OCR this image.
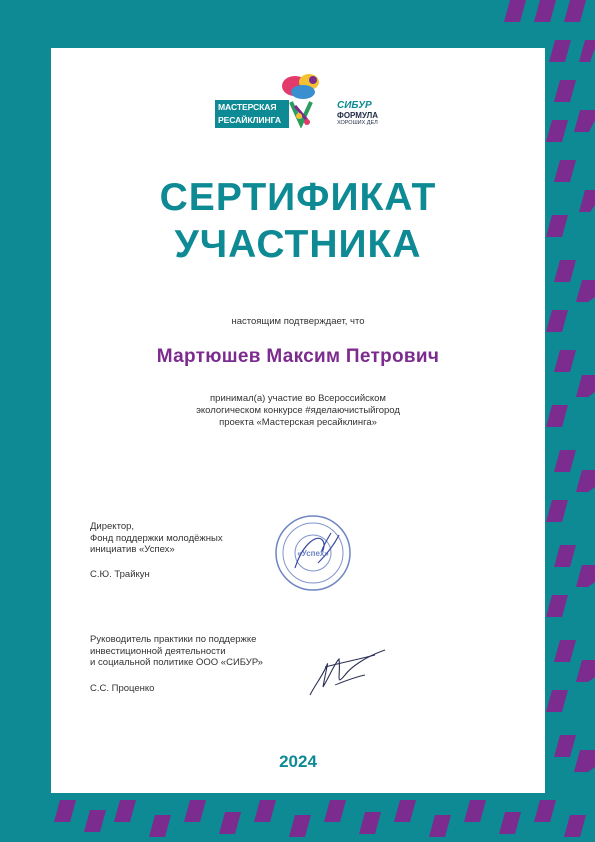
МАСТЕРСКАЯ
РЕСАЙКЛИНГА
СИБУР
ФОРМУЛА
ХОРОШИХ ДЕЛ
СЕРТИФИКАТ
УЧАСТНИКА
настоящим подтверждает, что
Мартюшев Максим Петрович
принимал(а) участие во Всероссийском
экологическом конкурсе #яделаючистыйгород
проекта «Мастерская ресайклинга»
Директор,
Фонд поддержки молодёжных
инициатив «Успех»
С.Ю. Трайкун
«Успех»
Руководитель практики по поддержке
инвестиционной деятельности
и социальной политике ООО «СИБУР»
С.С. Проценко
2024
